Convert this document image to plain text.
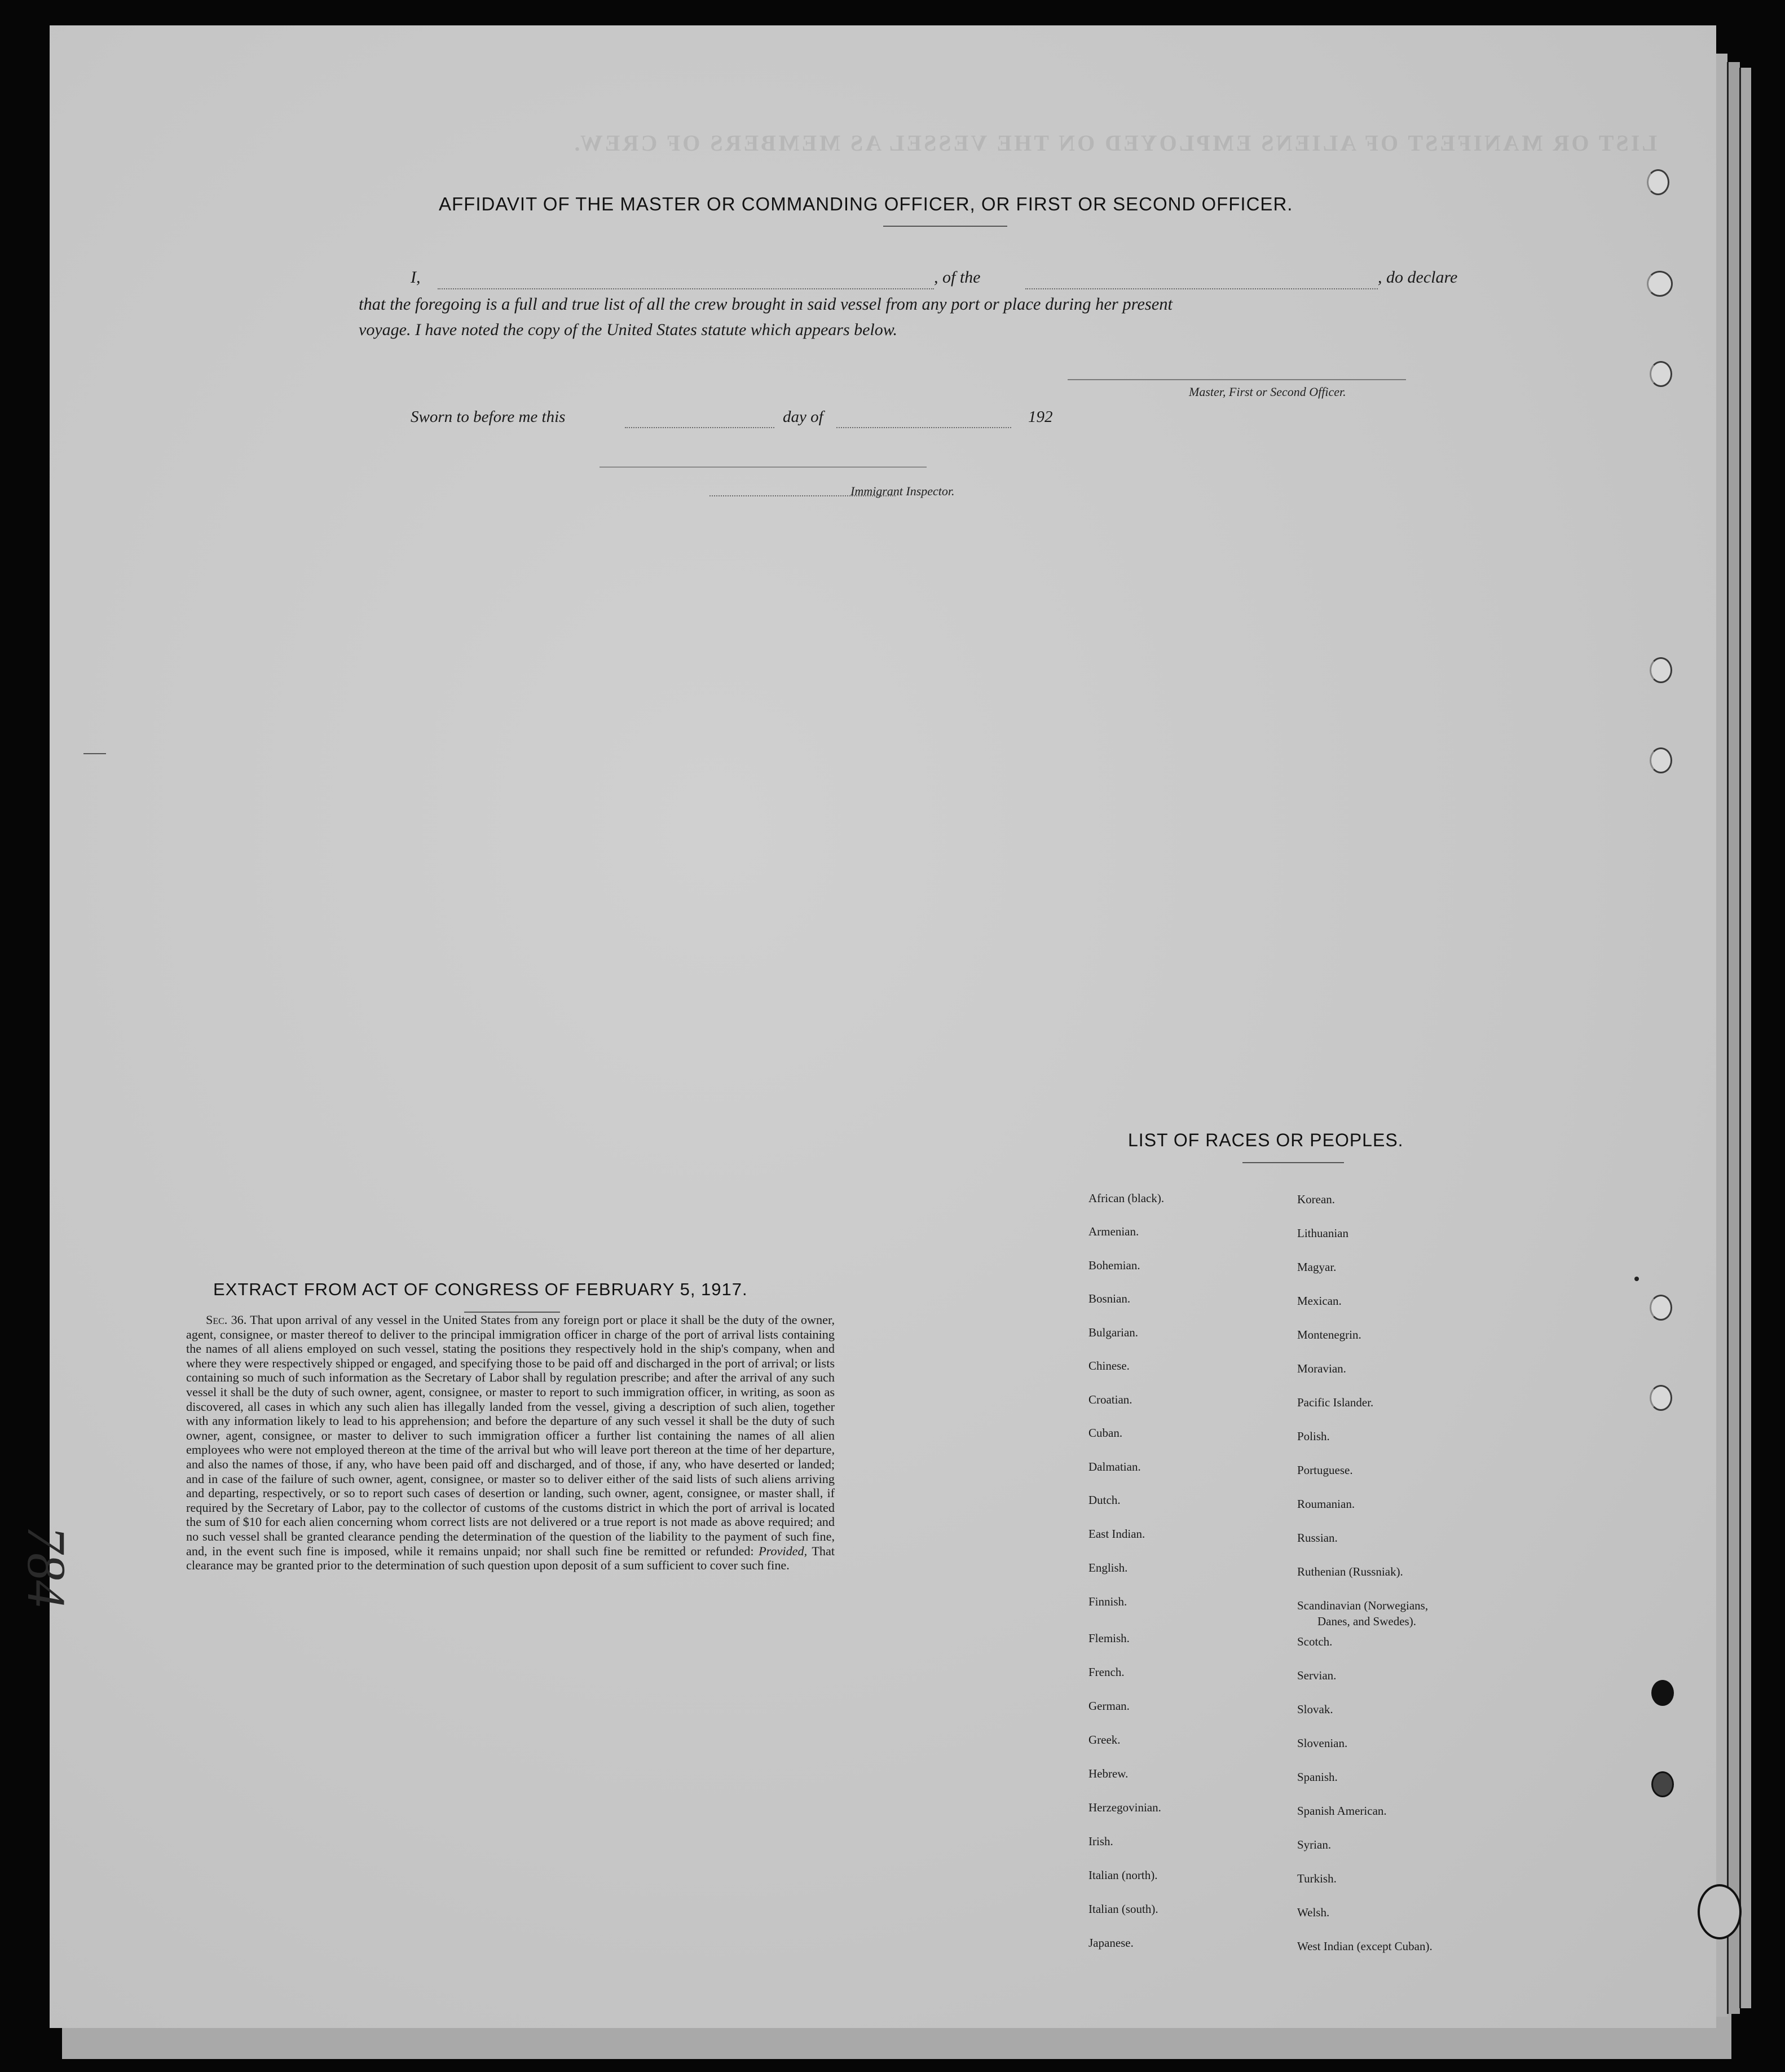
LIST OR MANIFEST OF ALIENS EMPLOYED ON THE VESSEL AS MEMBERS OF CREW.
AFFIDAVIT OF THE MASTER OR COMMANDING OFFICER, OR FIRST OR SECOND OFFICER.
I,	, of the	, do declare
that the foregoing is a full and true list of all the crew brought in said vessel from any port or place during her present
voyage. I have noted the copy of the United States statute which appears below.
Master, First or Second Officer.
Sworn to before me this	day of	192
Immigrant Inspector.
EXTRACT FROM ACT OF CONGRESS OF FEBRUARY 5, 1917.
Sec. 36. That upon arrival of any vessel in the United States from any foreign port or place it shall be the duty of the owner, agent, consignee, or master thereof to deliver to the principal immigration officer in charge of the port of arrival lists containing the names of all aliens employed on such vessel, stating the positions they respectively hold in the ship's company, when and where they were respectively shipped or engaged, and specifying those to be paid off and discharged in the port of arrival; or lists containing so much of such information as the Secretary of Labor shall by regulation prescribe; and after the arrival of any such vessel it shall be the duty of such owner, agent, consignee, or master to report to such immigration officer, in writing, as soon as discovered, all cases in which any such alien has illegally landed from the vessel, giving a description of such alien, together with any information likely to lead to his apprehension; and before the departure of any such vessel it shall be the duty of such owner, agent, consignee, or master to deliver to such immigration officer a further list containing the names of all alien employees who were not employed thereon at the time of the arrival but who will leave port thereon at the time of her departure, and also the names of those, if any, who have been paid off and discharged, and of those, if any, who have deserted or landed; and in case of the failure of such owner, agent, consignee, or master so to deliver either of the said lists of such aliens arriving and departing, respectively, or so to report such cases of desertion or landing, such owner, agent, consignee, or master shall, if required by the Secretary of Labor, pay to the collector of customs of the customs district in which the port of arrival is located the sum of $10 for each alien concerning whom correct lists are not delivered or a true report is not made as above required; and no such vessel shall be granted clearance pending the determination of the question of the liability to the payment of such fine, and, in the event such fine is imposed, while it remains unpaid; nor shall such fine be remitted or refunded: Provided, That clearance may be granted prior to the determination of such question upon deposit of a sum sufficient to cover such fine.
784
LIST OF RACES OR PEOPLES.
African (black).
Armenian.
Bohemian.
Bosnian.
Bulgarian.
Chinese.
Croatian.
Cuban.
Dalmatian.
Dutch.
East Indian.
English.
Finnish.
Flemish.
French.
German.
Greek.
Hebrew.
Herzegovinian.
Irish.
Italian (north).
Italian (south).
Japanese.
Korean.
Lithuanian
Magyar.
Mexican.
Montenegrin.
Moravian.
Pacific Islander.
Polish.
Portuguese.
Roumanian.
Russian.
Ruthenian (Russniak).
Scandinavian (Norwegians,
Danes, and Swedes).
Scotch.
Servian.
Slovak.
Slovenian.
Spanish.
Spanish American.
Syrian.
Turkish.
Welsh.
West Indian (except Cuban).
